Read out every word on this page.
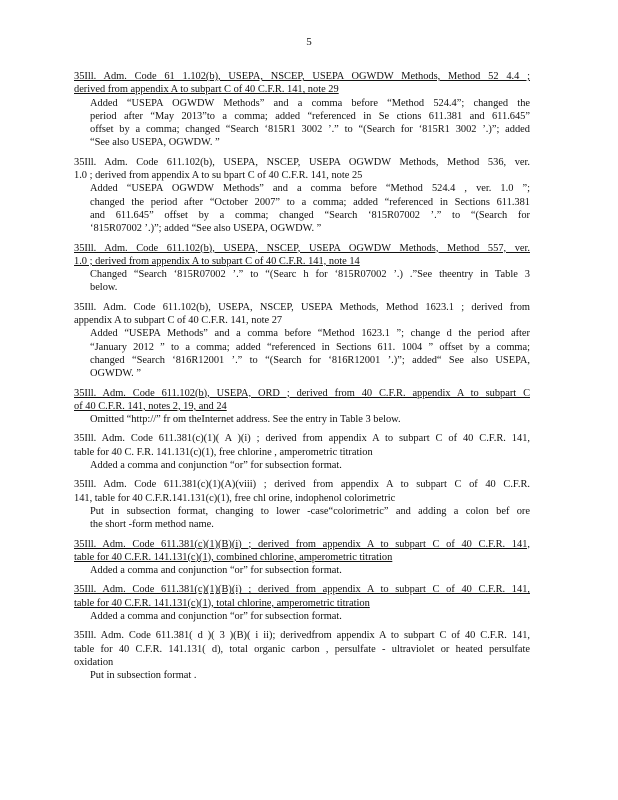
5
35Ill. Adm. Code 61 1.102(b), USEPA, NSCEP, USEPA OGWDW Methods, Method 52 4.4 ;
derived from appendix A to subpart C of 40 C.F.R. 141, note 29
Added “USEPA OGWDW Methods” and a comma before “Method 524.4”; changed the
period after “May 2013”to a comma; added “referenced in Se ctions 611.381 and 611.645”
offset by a comma; changed “Search ‘815R1 3002 ’.” to “(Search for ‘815R1 3002 ’.)”; added
“See also USEPA, OGWDW. ”
35Ill. Adm. Code 611.102(b), USEPA, NSCEP, USEPA OGWDW Methods, Method 536, ver.
1.0 ; derived from appendix A to su bpart C of 40 C.F.R. 141, note 25
Added “USEPA OGWDW Methods” and a comma before “Method 524.4 , ver. 1.0 ”;
changed the period after “October 2007” to a comma; added “referenced in Sections 611.381
and 611.645” offset by a comma; changed “Search ‘815R07002 ’.” to “(Search for
‘815R07002 ’.)”; added “See also USEPA, OGWDW. ”
35Ill. Adm. Code 611.102(b), USEPA, NSCEP, USEPA OGWDW Methods, Method 557, ver.
1.0 ; derived from appendix A to subpart C of 40 C.F.R. 141, note 14
Changed “Search ‘815R07002 ’.” to “(Searc h for ‘815R07002 ’.) .”See theentry in Table 3
below.
35Ill. Adm. Code 611.102(b), USEPA, NSCEP, USEPA Methods, Method 1623.1 ; derived from
appendix A to subpart C of 40 C.F.R. 141, note 27
Added “USEPA Methods” and a comma before “Method 1623.1 ”; change d the period after
“January 2012 ” to a comma; added “referenced in Sections 611. 1004 ” offset by a comma;
changed “Search ‘816R12001 ’.” to “(Search for ‘816R12001 ’.)”; added“ See also USEPA,
OGWDW. ”
35Ill. Adm. Code 611.102(b), USEPA, ORD ; derived from 40 C.F.R. appendix A to subpart C
of 40 C.F.R. 141, notes 2, 19, and 24
Omitted “http://” fr om theInternet address. See the entry in Table 3 below.
35Ill. Adm. Code 611.381(c)(1)( A )(i) ; derived from appendix A to subpart C of 40 C.F.R. 141,
table for 40 C. F.R. 141.131(c)(1), free chlorine , amperometric titration
Added a comma and conjunction “or” for subsection format.
35Ill. Adm. Code 611.381(c)(1)(A)(viii) ; derived from appendix A to subpart C of 40 C.F.R.
141, table for 40 C.F.R.141.131(c)(1), free chl orine, indophenol colorimetric
Put in subsection format, changing to lower -case“colorimetric” and adding a colon bef ore
the short -form method name.
35Ill. Adm. Code 611.381(c)(1)(B)(i) ; derived from appendix A to subpart C of 40 C.F.R. 141,
table for 40 C.F.R. 141.131(c)(1), combined chlorine, amperometric titration
Added a comma and conjunction “or” for subsection format.
35Ill. Adm. Code 611.381(c)(1)(B)(i) ; derived from appendix A to subpart C of 40 C.F.R. 141,
table for 40 C.F.R. 141.131(c)(1), total chlorine, amperometric titration
Added a comma and conjunction “or” for subsection format.
35Ill. Adm. Code 611.381( d )( 3 )(B)( i ii); derivedfrom appendix A to subpart C of 40 C.F.R. 141,
table for 40 C.F.R. 141.131( d), total organic carbon , persulfate - ultraviolet or heated persulfate
oxidation
Put in subsection format .
